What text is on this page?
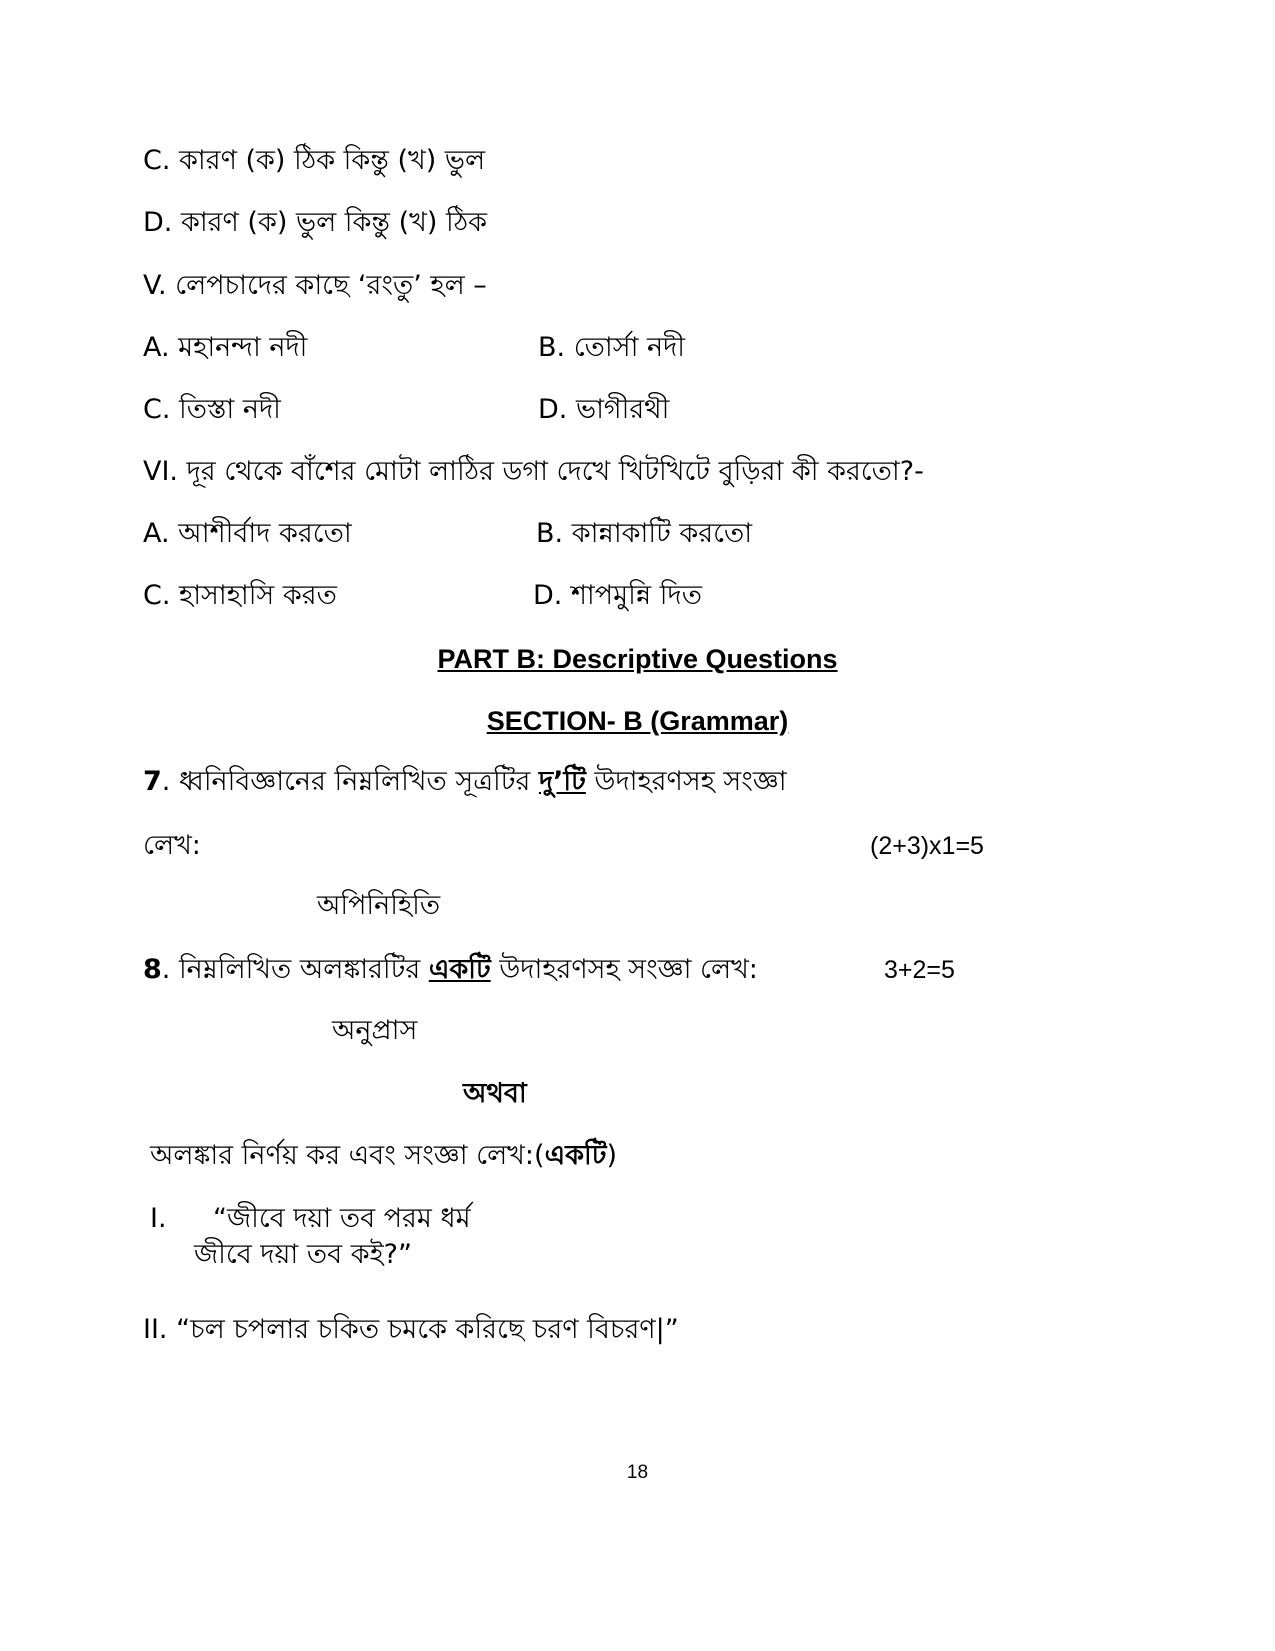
C. কারণ (ক) ঠিক কিন্তু (খ) ভুল
D. কারণ (ক) ভুল কিন্তু (খ) ঠিক
V. লেপচাদের কাছে ‘রংতু’ হল –
A. মহানন্দা নদী	B. তোর্সা নদী
C. তিস্তা নদী	D. ভাগীরথী
VI. দূর থেকে বাঁশের মোটা লাঠির ডগা দেখে খিটখিটে বুড়িরা কী করতো?-
A. আশীর্বাদ করতো	B. কান্নাকাটি করতো
C. হাসাহাসি করত	D. শাপমুন্নি দিত
PART B: Descriptive Questions
SECTION- B (Grammar)
7. ধ্বনিবিজ্ঞানের নিম্নলিখিত সূত্রটির দু’টি উদাহরণসহ সংজ্ঞা
লেখ:	(2+3)x1=5
অপিনিহিতি
8. নিম্নলিখিত অলঙ্কারটির একটি উদাহরণসহ সংজ্ঞা লেখ:	3+2=5
অনুপ্রাস
অথবা
অলঙ্কার নির্ণয় কর এবং সংজ্ঞা লেখ:(একটি)
I. “জীবে দয়া তব পরম ধর্ম
জীবে দয়া তব কই?”
II. “চল চপলার চকিত চমকে করিছে চরণ বিচরণ|”
18
